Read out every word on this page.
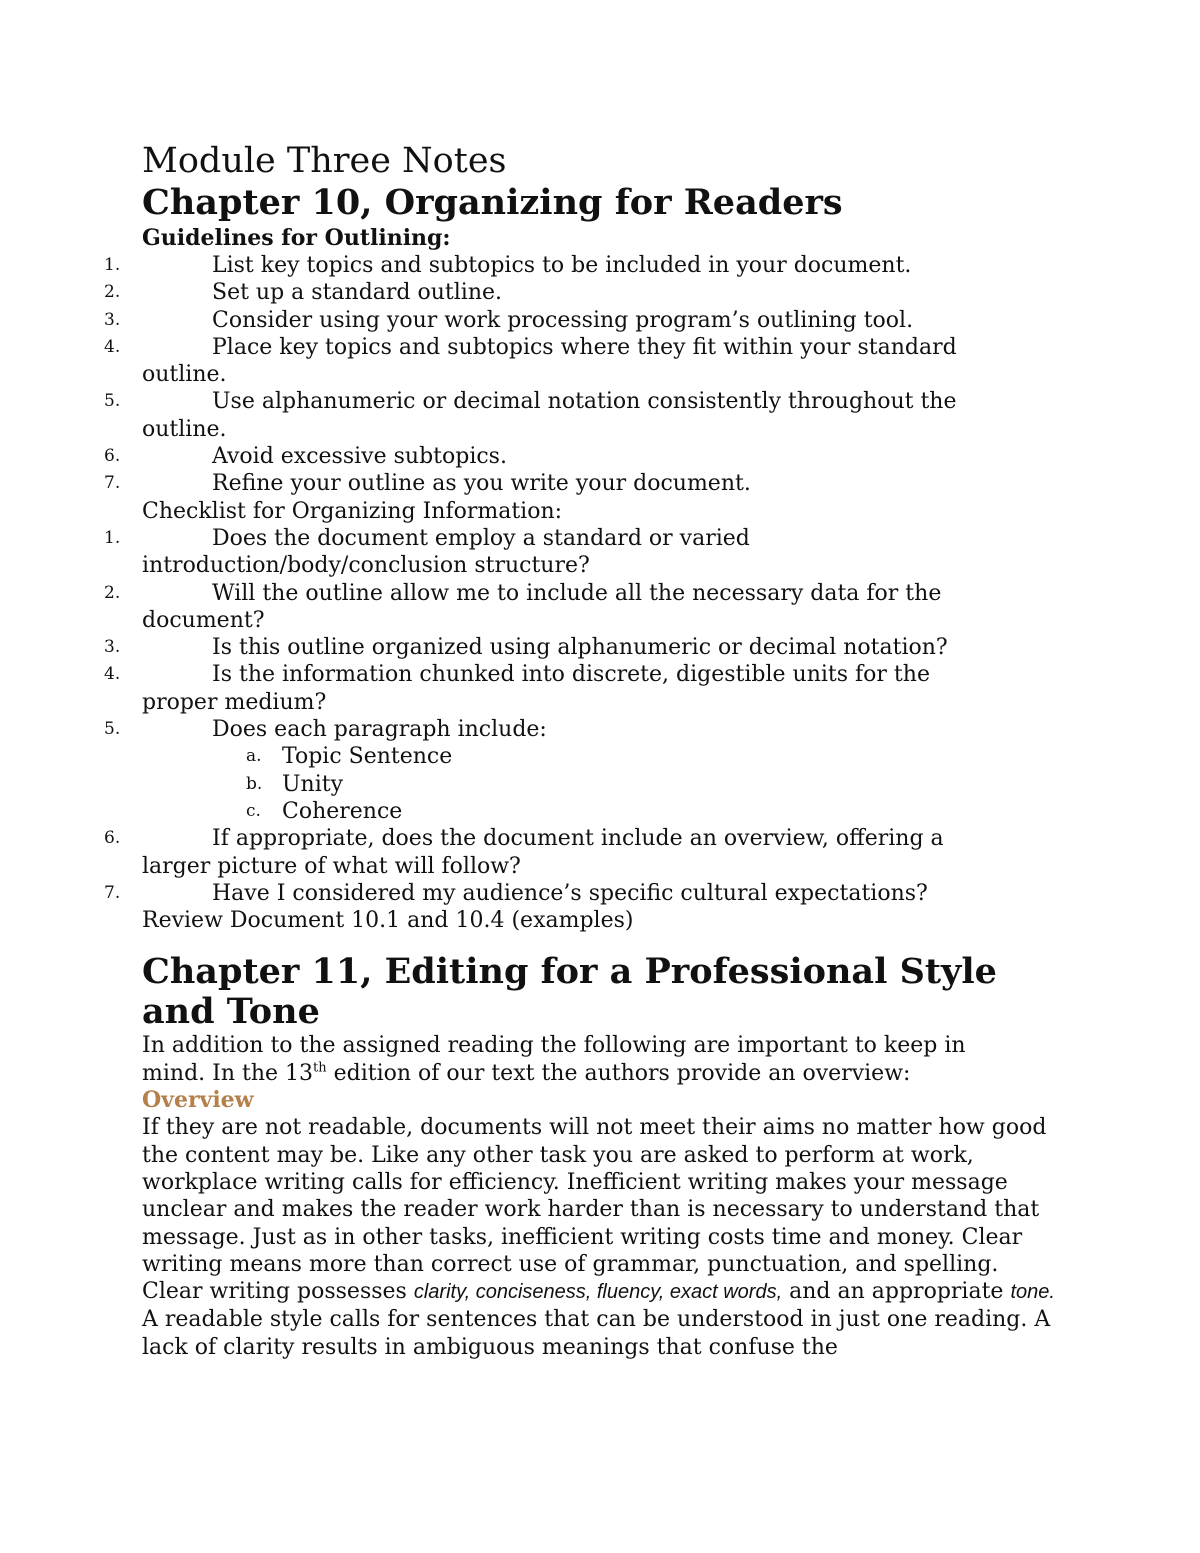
Module Three Notes

Chapter 10, Organizing for Readers

Guidelines for Outlining:

1.	List key topics and subtopics to be included in your document.
2.	Set up a standard outline.
3.	Consider using your work processing program’s outlining tool.
4.	Place key topics and subtopics where they fit within your standard
outline.
5.	Use alphanumeric or decimal notation consistently throughout the
outline.
6.	Avoid excessive subtopics.
7.	Refine your outline as you write your document.

Checklist for Organizing Information:

1.	Does the document employ a standard or varied
introduction/body/conclusion structure?
2.	Will the outline allow me to include all the necessary data for the
document?
3.	Is this outline organized using alphanumeric or decimal notation?
4.	Is the information chunked into discrete, digestible units for the
proper medium?
5.	Does each paragraph include:
a. Topic Sentence
b. Unity
c. Coherence
6.	If appropriate, does the document include an overview, offering a
larger picture of what will follow?
7.	Have I considered my audience’s specific cultural expectations?

Review Document 10.1 and 10.4 (examples)

Chapter 11, Editing for a Professional Style
and Tone

In addition to the assigned reading the following are important to keep in
mind. In the 13th edition of our text the authors provide an overview:

Overview

If they are not readable, documents will not meet their aims no matter how good the content may be. Like any other task you are asked to perform at work, workplace writing calls for efficiency. Inefficient writing makes your message unclear and makes the reader work harder than is necessary to understand that message. Just as in other tasks, inefficient writing costs time and money. Clear writing means more than correct use of grammar, punctuation, and spelling. Clear writing possesses clarity, conciseness, fluency, exact words, and an appropriate tone.

A readable style calls for sentences that can be understood in just one reading. A lack of clarity results in ambiguous meanings that confuse the
